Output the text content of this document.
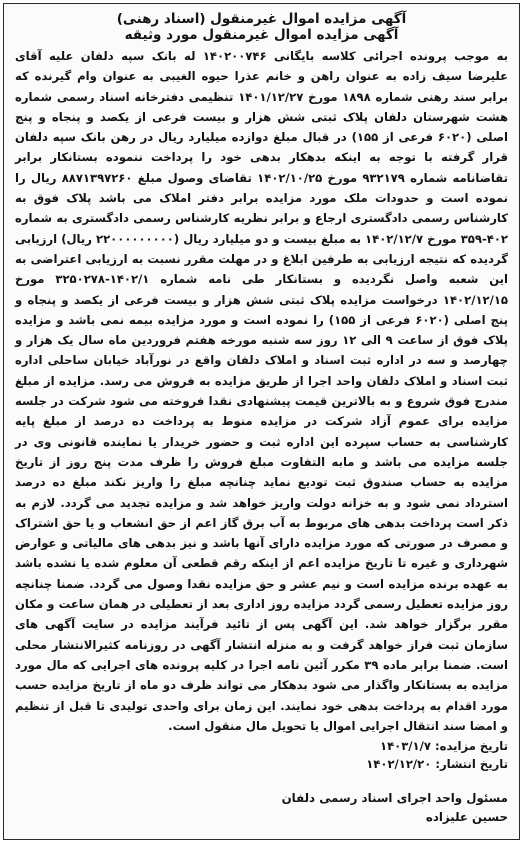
آگهی مزایده اموال غیرمنقول (اسناد رهنی)
آگهی مزایده اموال غیرمنقول مورد وثیقه

به موجب پرونده اجرائی کلاسه بایگانی ۱۴۰۲۰۰۷۴۶ له بانک سپه دلفان علیه آقای علیرضا سیف زاده به عنوان راهن و خانم عذرا حیوه الغیبی به عنوان وام گیرنده که برابر سند رهنی شماره ۱۸۹۸ مورخ ۱۴۰۱/۱۲/۲۷ تنظیمی دفترخانه اسناد رسمی شماره هشت شهرستان دلفان پلاک ثبتی شش هزار و بیست فرعی از یکصد و پنجاه و پنج اصلی (۶۰۲۰ فرعی از ۱۵۵) در قبال مبلغ دوازده میلیارد ریال در رهن بانک سپه دلفان قرار گرفته با توجه به اینکه بدهکار بدهی خود را پرداخت ننموده بستانکار برابر تقاضانامه شماره ۹۳۲۱۷۹ مورخ ۱۴۰۲/۱۰/۲۵ تقاضای وصول مبلغ ۸۸۷۱۳۹۷۲۶۰ ریال را نموده است و حدودات ملک مورد مزایده برابر دفتر املاک می باشد پلاک فوق به کارشناس رسمی دادگستری ارجاع و برابر نظریه کارشناس رسمی دادگستری به شماره ۴۰۲-۳۵۹ مورخ ۱۴۰۲/۱۲/۷ به مبلغ بیست و دو میلیارد ریال (۲۲۰۰۰۰۰۰۰۰۰ ریال) ارزیابی گردیده که نتیجه ارزیابی به طرفین ابلاغ و در مهلت مقرر نسبت به ارزیابی اعتراضی به این شعبه واصل نگردیده و بستانکار طی نامه شماره ۱۴۰۲/۱-۳۲۵۰۲۷۸ مورخ ۱۴۰۲/۱۲/۱۵ درخواست مزایده پلاک ثبتی شش هزار و بیست فرعی از یکصد و پنجاه و پنج اصلی (۶۰۲۰ فرعی از ۱۵۵) را نموده است و مورد مزایده بیمه نمی باشد و مزایده پلاک فوق از ساعت ۹ الی ۱۲ روز سه شنبه مورخه هفتم فروردین ماه سال یک هزار و چهارصد و سه در اداره ثبت اسناد و املاک دلفان واقع در نورآباد خیابان ساحلی اداره ثبت اسناد و املاک دلفان واحد اجرا از طریق مزایده به فروش می رسد. مزایده از مبلغ مندرج فوق شروع و به بالاترین قیمت پیشنهادی نقدا فروخته می شود شرکت در جلسه مزایده برای عموم آزاد شرکت در مزایده منوط به پرداخت ده درصد از مبلغ پایه کارشناسی به حساب سپرده این اداره ثبت و حضور خریدار یا نماینده قانونی وی در جلسه مزایده می باشد و مابه التفاوت مبلغ فروش را ظرف مدت پنج روز از تاریخ مزایده به حساب صندوق ثبت تودیع نماید چنانچه مبلغ را واریز نکند مبلغ ده درصد استرداد نمی شود و به خزانه دولت واریز خواهد شد و مزایده تجدید می گردد. لازم به ذکر است پرداخت بدهی های مربوط به آب برق گاز اعم از حق انشعاب و یا حق اشتراک و مصرف در صورتی که مورد مزایده دارای آنها باشد و نیز بدهی های مالیاتی و عوارض شهرداری و غیره تا تاریخ مزایده اعم از اینکه رقم قطعی آن معلوم شده یا نشده باشد به عهده برنده مزایده است و نیم عشر و حق مزایده نقدا وصول می گردد. ضمنا چنانچه روز مزایده تعطیل رسمی گردد مزایده روز اداری بعد از تعطیلی در همان ساعت و مکان مقرر برگزار خواهد شد. این آگهی پس از تائید فرآیند مزایده در سایت آگهی های سازمان ثبت فراز خواهد گرفت و به منزله انتشار آگهی در روزنامه کثیرالانتشار محلی است. ضمنا برابر ماده ۳۹ مکرر آئین نامه اجرا در کلیه پرونده های اجرایی که مال مورد مزایده به بستانکار واگذار می شود بدهکار می تواند ظرف دو ماه از تاریخ مزایده حسب مورد اقدام به پرداخت بدهی خود نمایند. این زمان برای واحدی تولیدی تا قبل از تنظیم و امضا سند انتقال اجرایی اموال یا تحویل مال منقول است.

تاریخ مزایده: ۱۴۰۳/۱/۷
تاریخ انتشار: ۱۴۰۲/۱۲/۲۰
مسئول واحد اجرای اسناد رسمی دلفان
حسین علیزاده
